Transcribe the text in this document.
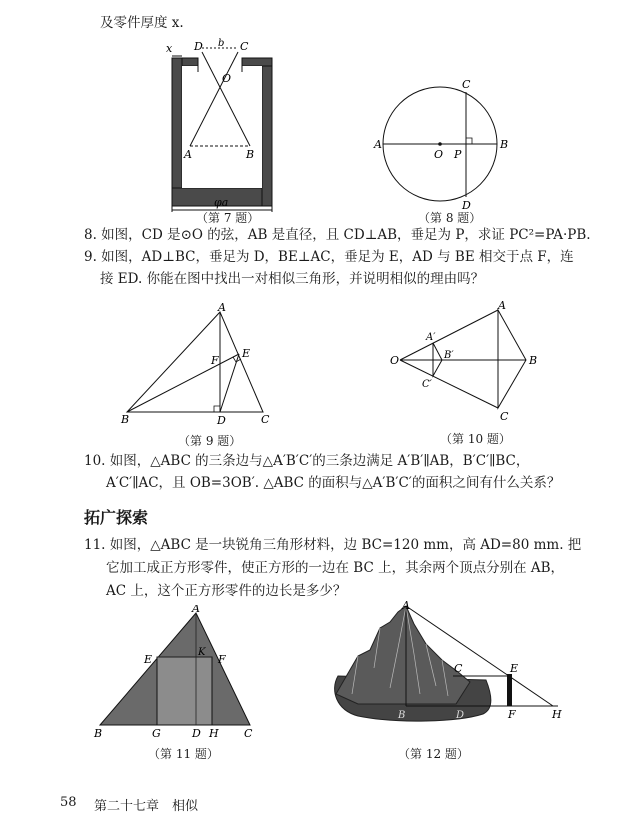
及零件厚度 x.
x D b C
O
A	B
φa
（第 7 题）
A
O P
B
C
D
（第 8 题）
8. 如图，CD 是⊙O 的弦，AB 是直径，且 CD⊥AB，垂足为 P，求证 PC²=PA·PB.
9. 如图，AD⊥BC，垂足为 D，BE⊥AC，垂足为 E，AD 与 BE 相交于点 F，连
接 ED. 你能在图中找出一对相似三角形，并说明相似的理由吗？
A
E
F
B	D	C
（第 9 题）
O
A′
B′
C′
A
B
C
（第 10 题）
10. 如图，△ABC 的三条边与△A′B′C′的三条边满足 A′B′∥AB，B′C′∥BC，
A′C′∥AC，且 OB=3OB′. △ABC 的面积与△A′B′C′的面积之间有什么关系？
拓广探索
11. 如图，△ABC 是一块锐角三角形材料，边 BC=120 mm，高 AD=80 mm. 把
它加工成正方形零件，使正方形的一边在 BC 上，其余两个顶点分别在 AB，
AC 上，这个正方形零件的边长是多少？
A
E
K
F
B	G	D H C
（第 11 题）
A
C	E
B	D	F	H
（第 12 题）
58 第二十七章　相似
